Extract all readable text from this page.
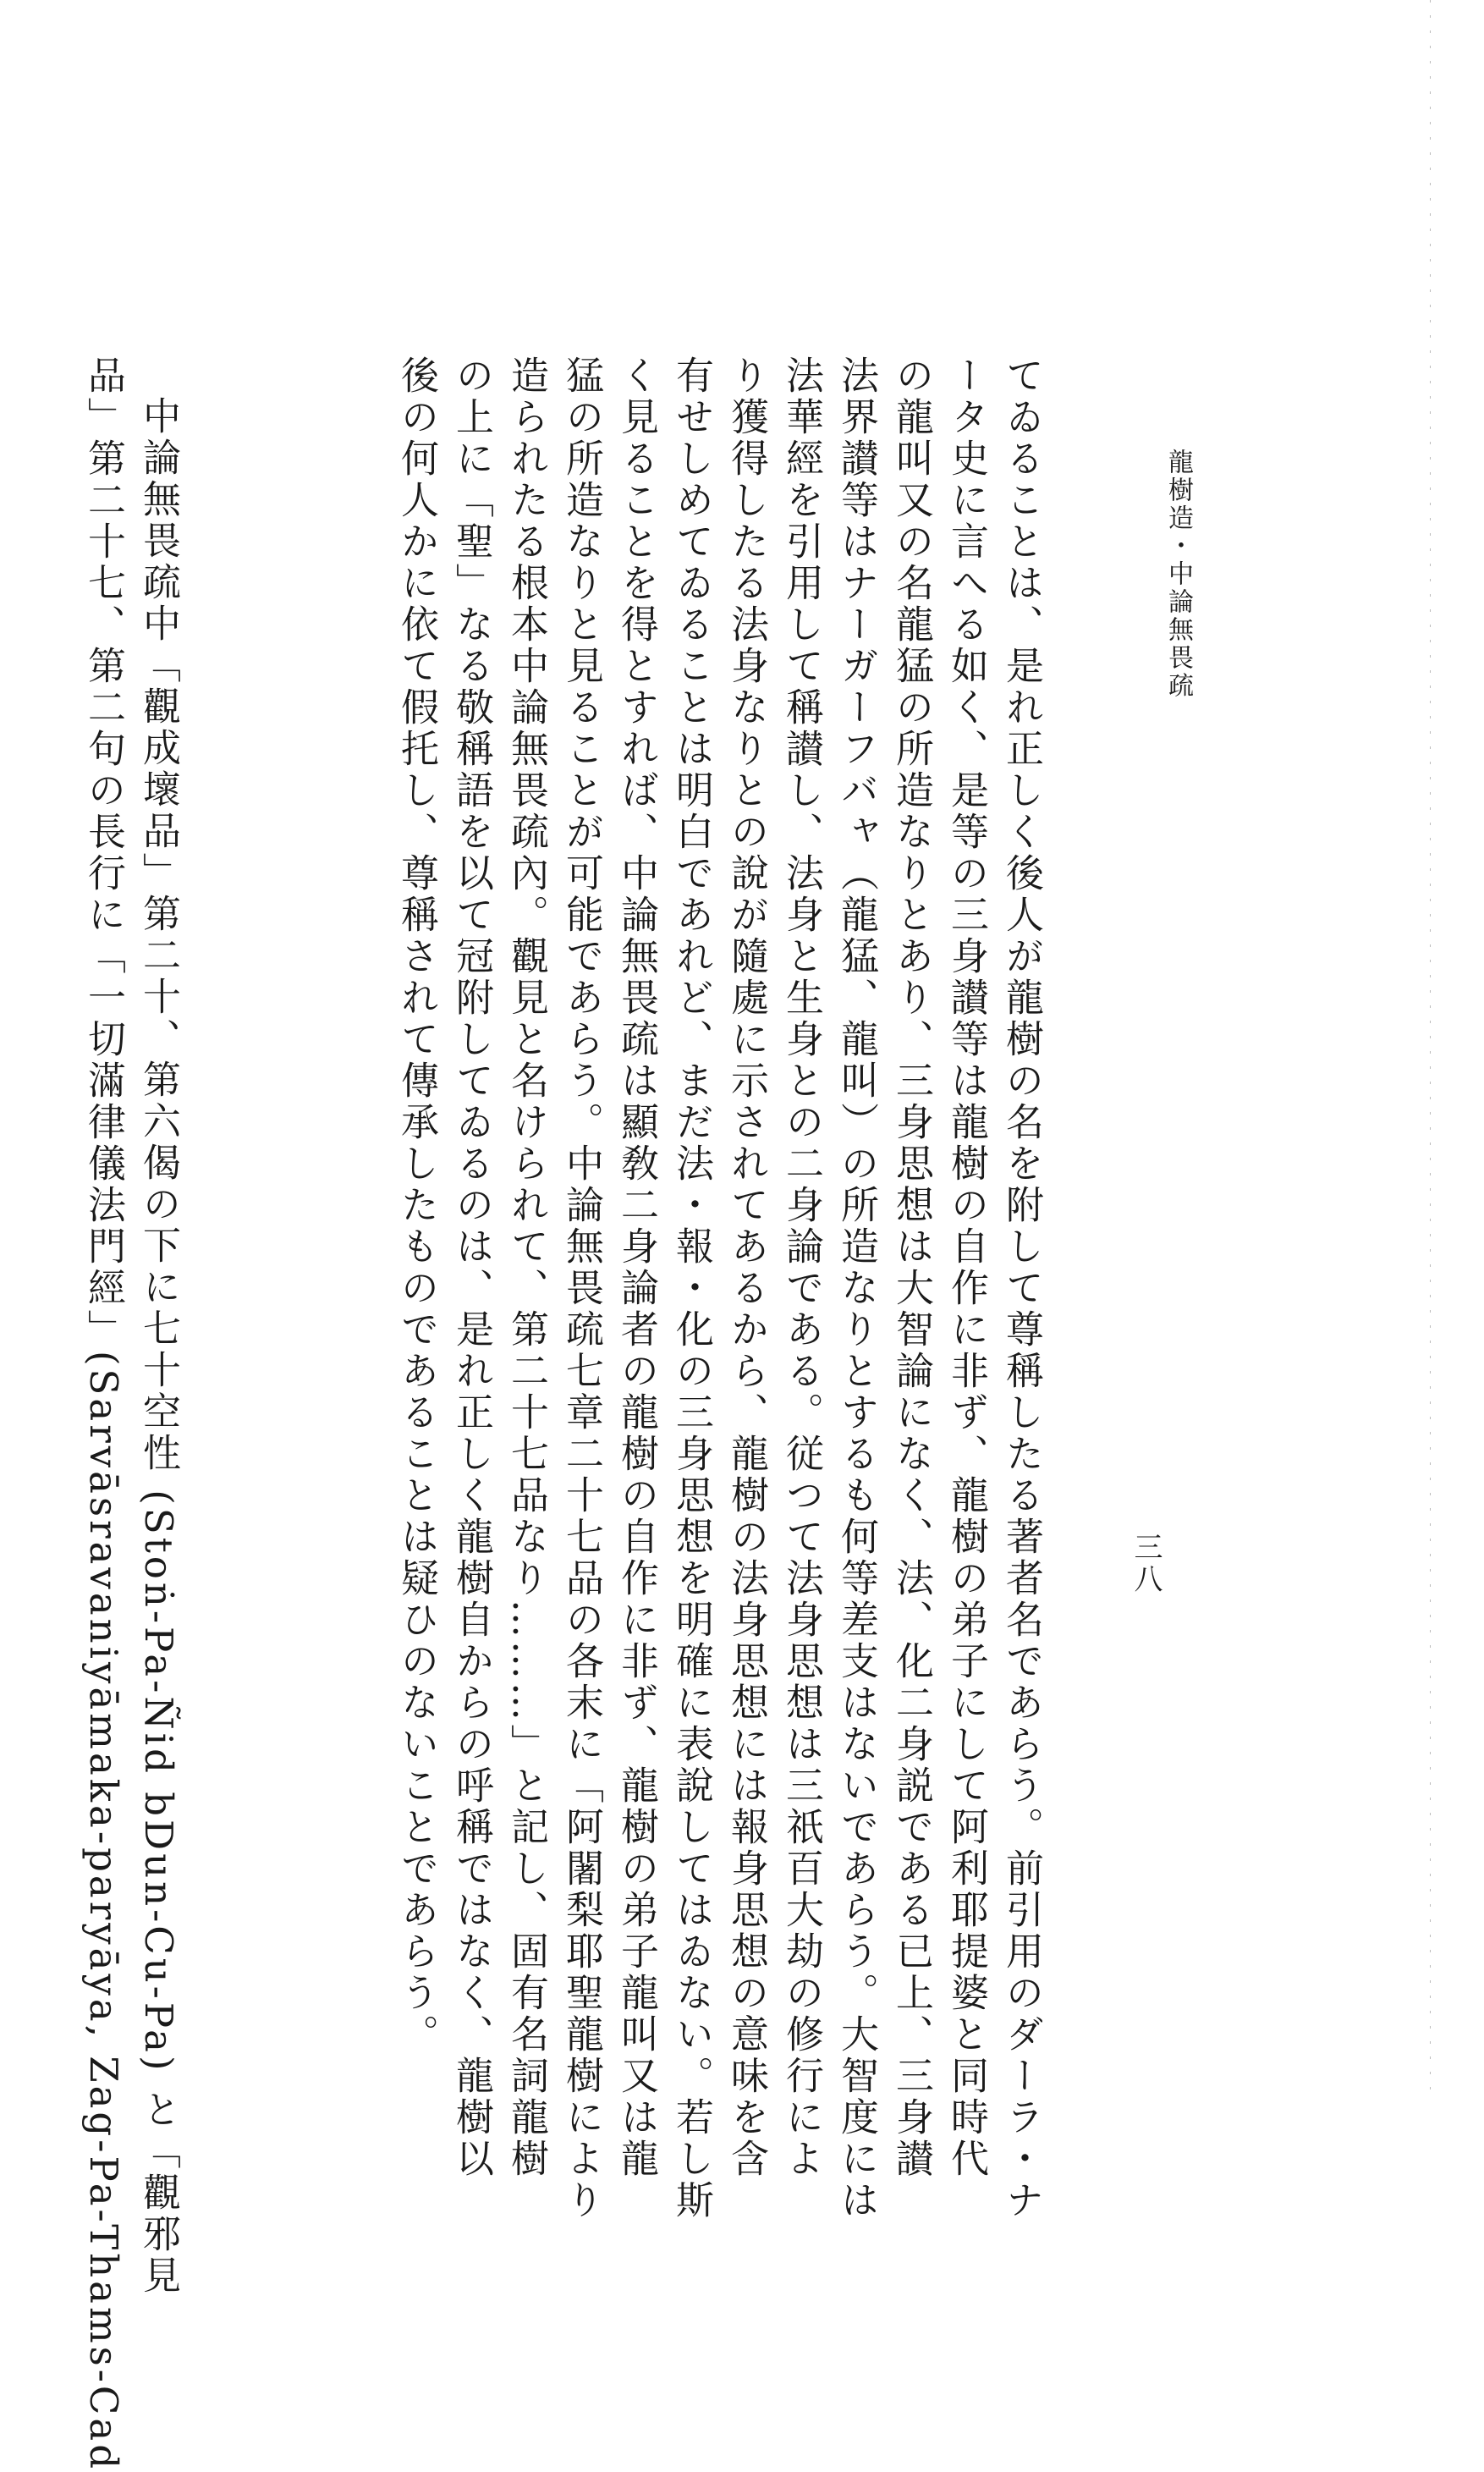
龍樹造・中論無畏疏
三八
てゐることは、是れ正しく後人が龍樹の名を附して尊稱したる著者名であらう。前引用のダーラ・ナ
ータ史に言へる如く、是等の三身讃等は龍樹の自作に非ず、龍樹の弟子にして阿利耶提婆と同時代
の龍叫又の名龍猛の所造なりとあり、三身思想は大智論になく、法、化二身説である已上、三身讃
法界讃等はナーガーフバャ（龍猛、龍叫）の所造なりとするも何等差支はないであらう。大智度には
法華經を引用して稱讃し、法身と生身との二身論である。従つて法身思想は三祇百大劫の修行によ
り獲得したる法身なりとの說が隨處に示されてあるから、龍樹の法身思想には報身思想の意味を含
有せしめてゐることは明白であれど、まだ法・報・化の三身思想を明確に表說してはゐない。若し斯
く見ることを得とすれば、中論無畏疏は顯敎二身論者の龍樹の自作に非ず、龍樹の弟子龍叫又は龍
猛の所造なりと見ることが可能であらう。中論無畏疏七章二十七品の各末に「阿闍梨耶聖龍樹により
造られたる根本中論無畏疏內。觀見と名けられて、第二十七品なり………」と記し、固有名詞龍樹
の上に「聖」なる敬稱語を以て冠附してゐるのは、是れ正しく龍樹自からの呼稱ではなく、龍樹以
後の何人かに依て假托し、尊稱されて傳承したものであることは疑ひのないことであらう。
中論無畏疏中「觀成壞品」第二十、第六偈の下に七十空性 (Stoṅ-Pa-Ñid bDun-Cu-Pa) と「觀邪見
品」第二十七、第二句の長行に「一切滿律儀法門經」(Sarvāsravaniyāmaka-paryāya, Zag-Pa-Thams-Cad
